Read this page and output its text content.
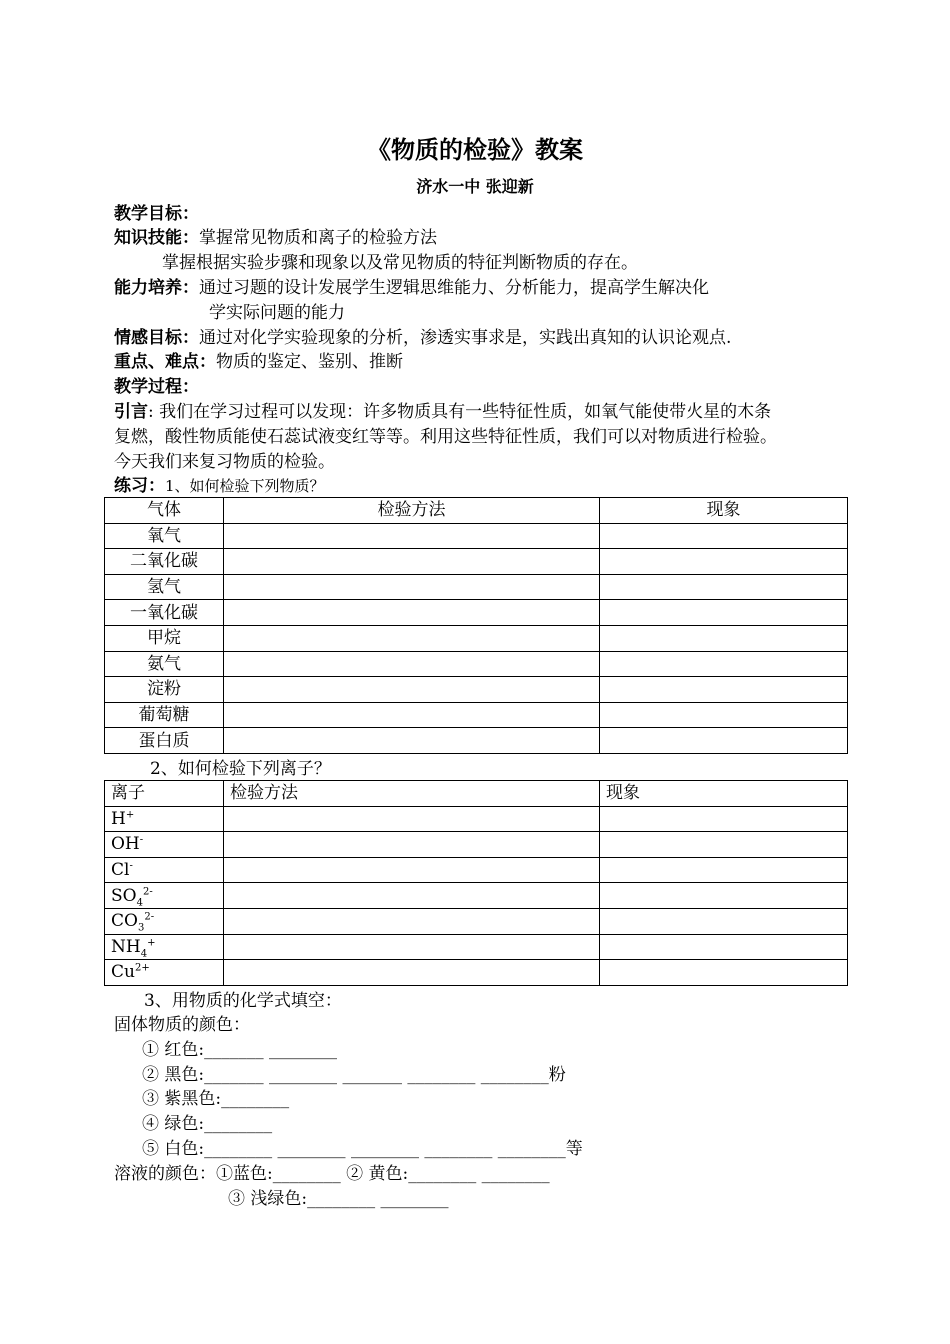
《物质的检验》教案
济水一中 张迎新
教学目标：
知识技能：掌握常见物质和离子的检验方法
掌握根据实验步骤和现象以及常见物质的特征判断物质的存在。
能力培养：通过习题的设计发展学生逻辑思维能力、分析能力，提高学生解决化
学实际问题的能力
情感目标：通过对化学实验现象的分析，渗透实事求是，实践出真知的认识论观点.
重点、难点：物质的鉴定、鉴别、推断
教学过程：
引言: 我们在学习过程可以发现：许多物质具有一些特征性质，如氧气能使带火星的木条
复燃，酸性物质能使石蕊试液变红等等。利用这些特征性质，我们可以对物质进行检验。
今天我们来复习物质的检验。
练习：1、如何检验下列物质？
气体	检验方法	现象
氧气		
二氧化碳		
氢气		
一氧化碳		
甲烷		
氨气		
淀粉		
葡萄糖		
蛋白质		
2、如何检验下列离子？
离子	检验方法	现象
H+		
OH-		
Cl-		
$SO_4^{2-}$		
$CO_3^{2-}$		
$NH_4^+$		
$Cu^{2+}$		
3、用物质的化学式填空：
固体物质的颜色：
① 红色:_______ ________
② 黑色:_______ ________ _______ ________ ________粉
③ 紫黑色:________
④ 绿色:________
⑤ 白色:________ ________ ________ ________ ________等
溶液的颜色：①蓝色:________ ② 黄色:________ ________
③ 浅绿色:________ ________
